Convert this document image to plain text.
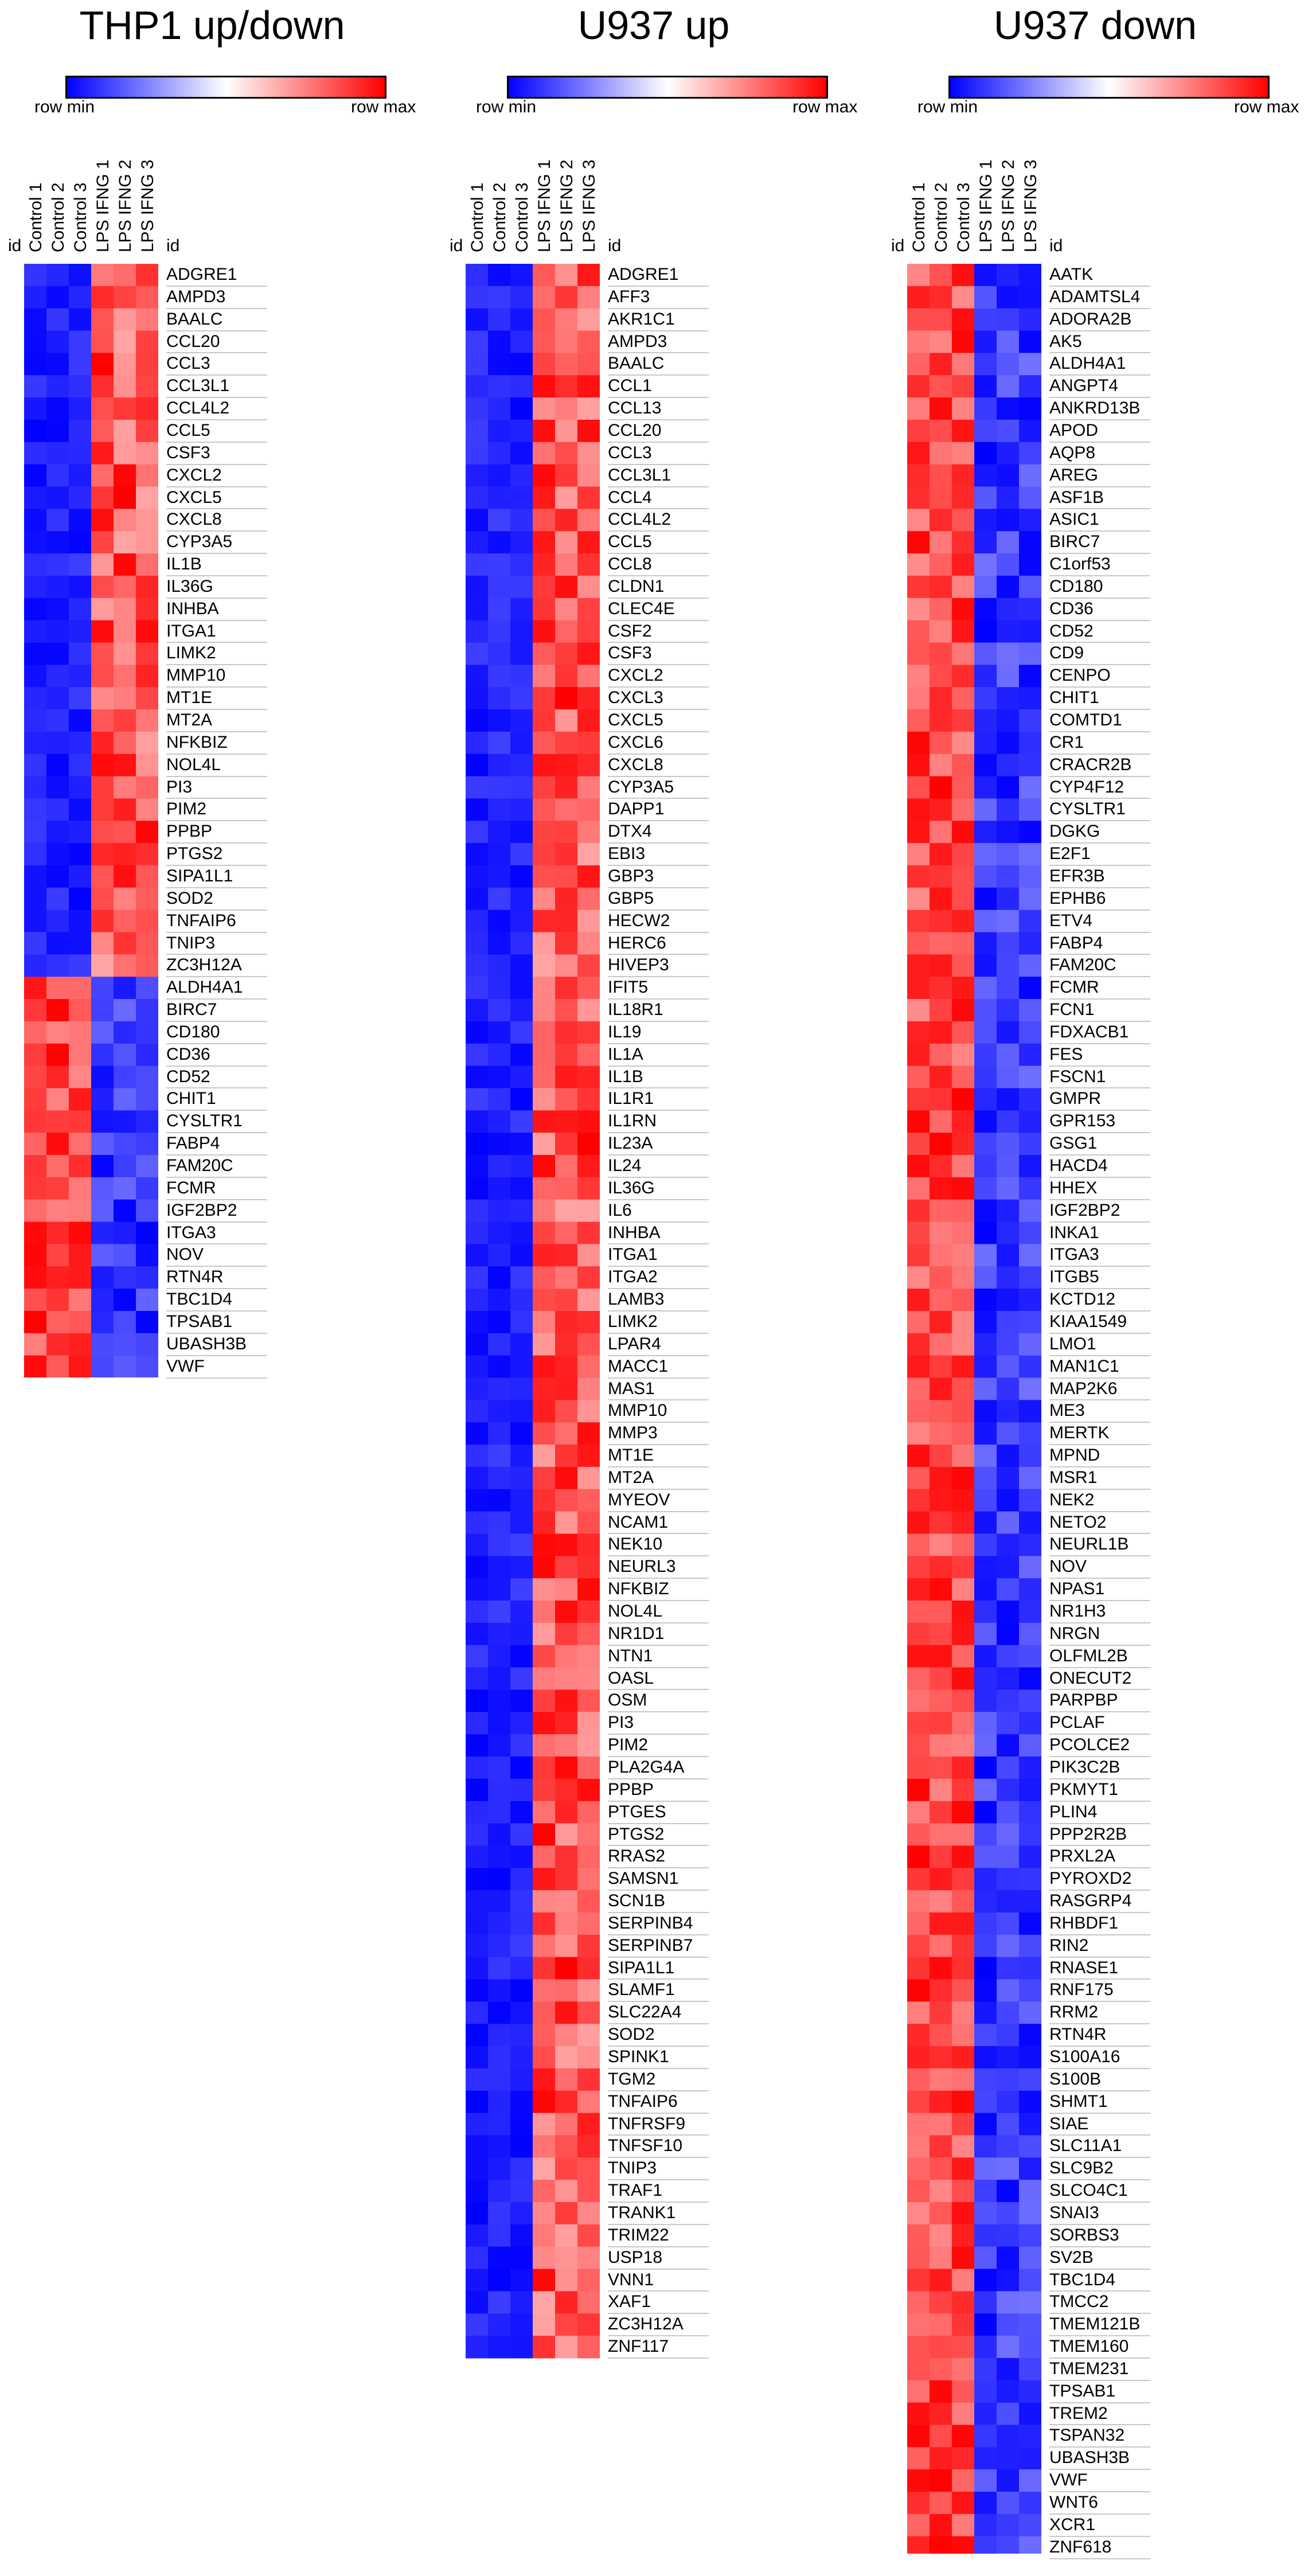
THP1 up/down
row min	row max
id	id
Control 1 Control 2 Control 3 LPS IFNG 1 LPS IFNG 2 LPS IFNG 3
ADGRE1
AMPD3
BAALC
CCL20
CCL3
CCL3L1
CCL4L2
CCL5
CSF3
CXCL2
CXCL5
CXCL8
CYP3A5
IL1B
IL36G
INHBA
ITGA1
LIMK2
MMP10
MT1E
MT2A
NFKBIZ
NOL4L
PI3
PIM2
PPBP
PTGS2
SIPA1L1
SOD2
TNFAIP6
TNIP3
ZC3H12A
ALDH4A1
BIRC7
CD180
CD36
CD52
CHIT1
CYSLTR1
FABP4
FAM20C
FCMR
IGF2BP2
ITGA3
NOV
RTN4R
TBC1D4
TPSAB1
UBASH3B
VWF
U937 up
row min	row max
id	id
Control 1 Control 2 Control 3 LPS IFNG 1 LPS IFNG 2 LPS IFNG 3
ADGRE1
AFF3
AKR1C1
AMPD3
BAALC
CCL1
CCL13
CCL20
CCL3
CCL3L1
CCL4
CCL4L2
CCL5
CCL8
CLDN1
CLEC4E
CSF2
CSF3
CXCL2
CXCL3
CXCL5
CXCL6
CXCL8
CYP3A5
DAPP1
DTX4
EBI3
GBP3
GBP5
HECW2
HERC6
HIVEP3
IFIT5
IL18R1
IL19
IL1A
IL1B
IL1R1
IL1RN
IL23A
IL24
IL36G
IL6
INHBA
ITGA1
ITGA2
LAMB3
LIMK2
LPAR4
MACC1
MAS1
MMP10
MMP3
MT1E
MT2A
MYEOV
NCAM1
NEK10
NEURL3
NFKBIZ
NOL4L
NR1D1
NTN1
OASL
OSM
PI3
PIM2
PLA2G4A
PPBP
PTGES
PTGS2
RRAS2
SAMSN1
SCN1B
SERPINB4
SERPINB7
SIPA1L1
SLAMF1
SLC22A4
SOD2
SPINK1
TGM2
TNFAIP6
TNFRSF9
TNFSF10
TNIP3
TRAF1
TRANK1
TRIM22
USP18
VNN1
XAF1
ZC3H12A
ZNF117
U937 down
row min	row max
id	id
Control 1 Control 2 Control 3 LPS IFNG 1 LPS IFNG 2 LPS IFNG 3
AATK
ADAMTSL4
ADORA2B
AK5
ALDH4A1
ANGPT4
ANKRD13B
APOD
AQP8
AREG
ASF1B
ASIC1
BIRC7
C1orf53
CD180
CD36
CD52
CD9
CENPO
CHIT1
COMTD1
CR1
CRACR2B
CYP4F12
CYSLTR1
DGKG
E2F1
EFR3B
EPHB6
ETV4
FABP4
FAM20C
FCMR
FCN1
FDXACB1
FES
FSCN1
GMPR
GPR153
GSG1
HACD4
HHEX
IGF2BP2
INKA1
ITGA3
ITGB5
KCTD12
KIAA1549
LMO1
MAN1C1
MAP2K6
ME3
MERTK
MPND
MSR1
NEK2
NETO2
NEURL1B
NOV
NPAS1
NR1H3
NRGN
OLFML2B
ONECUT2
PARPBP
PCLAF
PCOLCE2
PIK3C2B
PKMYT1
PLIN4
PPP2R2B
PRXL2A
PYROXD2
RASGRP4
RHBDF1
RIN2
RNASE1
RNF175
RRM2
RTN4R
S100A16
S100B
SHMT1
SIAE
SLC11A1
SLC9B2
SLCO4C1
SNAI3
SORBS3
SV2B
TBC1D4
TMCC2
TMEM121B
TMEM160
TMEM231
TPSAB1
TREM2
TSPAN32
UBASH3B
VWF
WNT6
XCR1
ZNF618
